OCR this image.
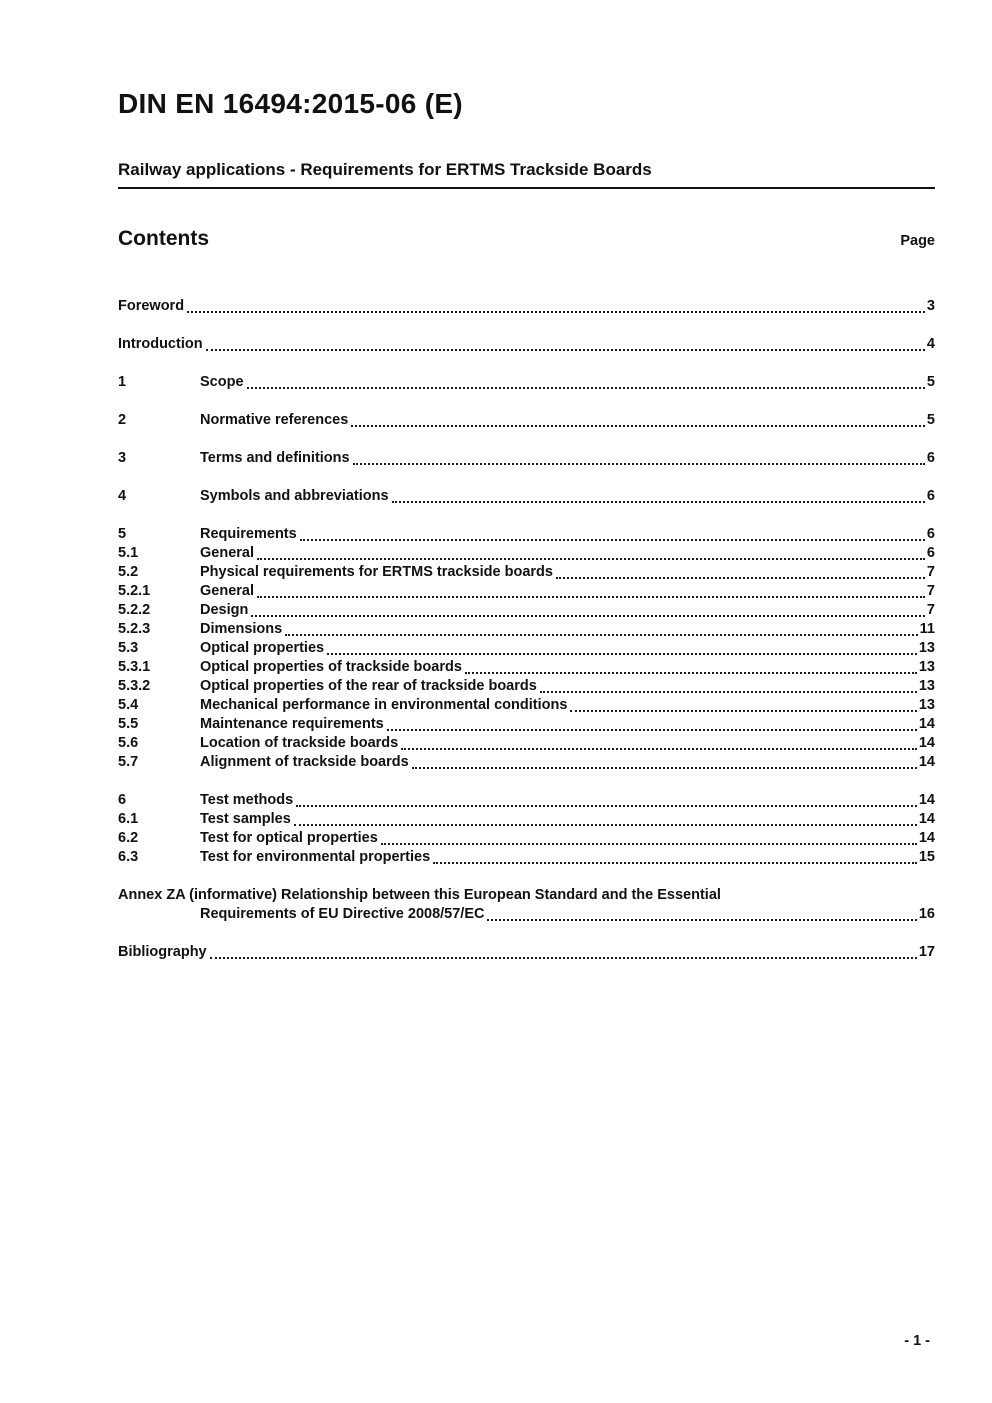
DIN EN 16494:2015-06 (E)
Railway applications - Requirements for ERTMS Trackside Boards
Contents	Page
Foreword	3
Introduction	4
1	Scope	5
2	Normative references	5
3	Terms and definitions	6
4	Symbols and abbreviations	6
5	Requirements	6
5.1	General	6
5.2	Physical requirements for ERTMS trackside boards	7
5.2.1	General	7
5.2.2	Design	7
5.2.3	Dimensions	11
5.3	Optical properties	13
5.3.1	Optical properties of trackside boards	13
5.3.2	Optical properties of the rear of trackside boards	13
5.4	Mechanical performance in environmental conditions	13
5.5	Maintenance requirements	14
5.6	Location of trackside boards	14
5.7	Alignment of trackside boards	14
6	Test methods	14
6.1	Test samples	14
6.2	Test for optical properties	14
6.3	Test for environmental properties	15
Annex ZA (informative) Relationship between this European Standard and the Essential
Requirements of EU Directive 2008/57/EC	16
Bibliography	17
- 1 -
